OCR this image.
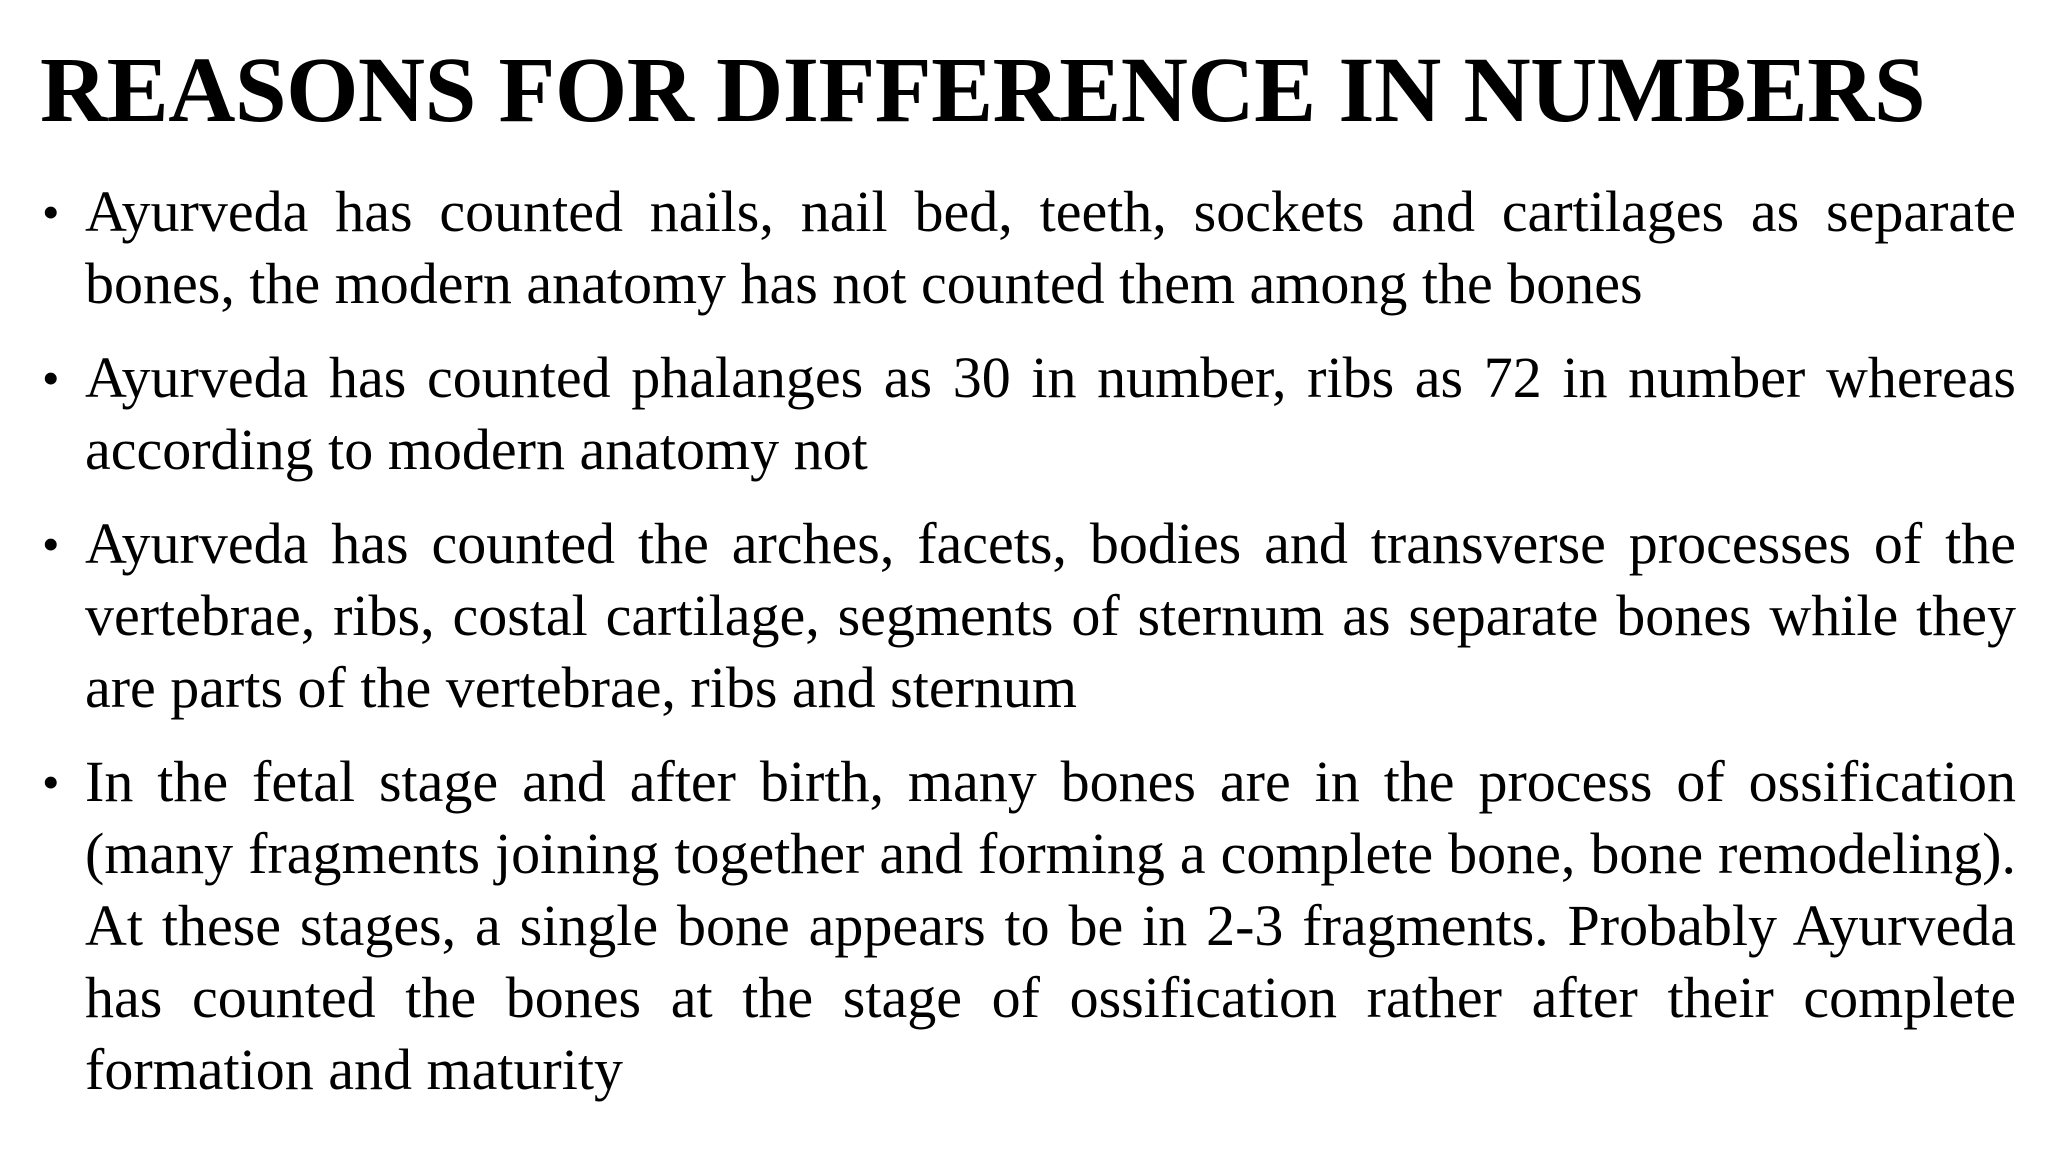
REASONS FOR DIFFERENCE IN NUMBERS
• Ayurveda has counted nails, nail bed, teeth, sockets and cartilages as separate bones, the modern anatomy has not counted them among the bones
• Ayurveda has counted phalanges as 30 in number, ribs as 72 in number whereas according to modern anatomy not
• Ayurveda has counted the arches, facets, bodies and transverse processes of the vertebrae, ribs, costal cartilage, segments of sternum as separate bones while they are parts of the vertebrae, ribs and sternum
• In the fetal stage and after birth, many bones are in the process of ossification (many fragments joining together and forming a complete bone, bone remodeling). At these stages, a single bone appears to be in 2-3 fragments. Probably Ayurveda has counted the bones at the stage of ossification rather after their complete formation and maturity
